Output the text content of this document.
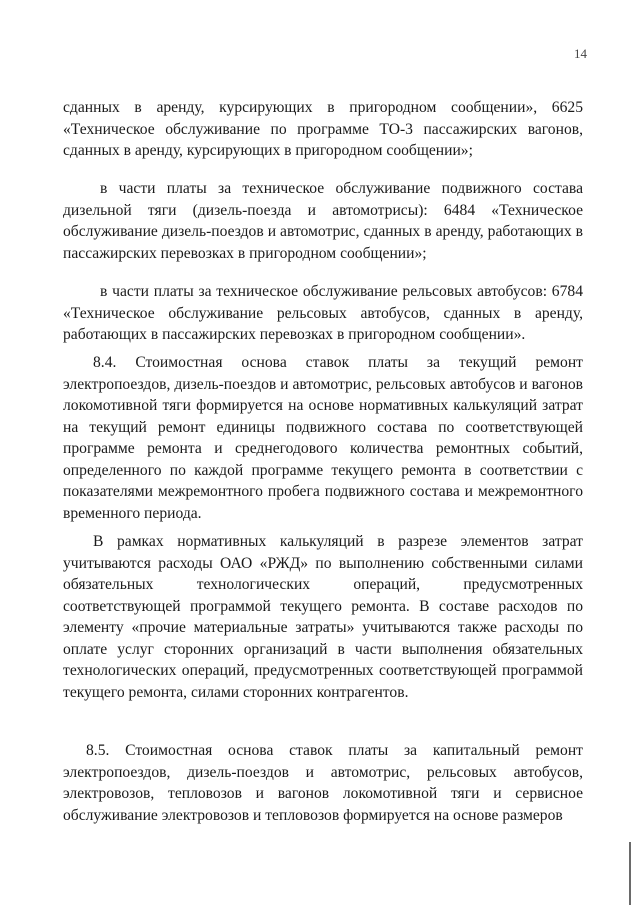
14

сданных в аренду, курсирующих в пригородном сообщении», 6625 «Техническое обслуживание по программе ТО-3 пассажирских вагонов, сданных в аренду, курсирующих в пригородном сообщении»;

в части платы за техническое обслуживание подвижного состава дизельной тяги (дизель-поезда и автомотрисы): 6484 «Техническое обслуживание дизель-поездов и автомотрис, сданных в аренду, работающих в пассажирских перевозках в пригородном сообщении»;

в части платы за техническое обслуживание рельсовых автобусов: 6784 «Техническое обслуживание рельсовых автобусов, сданных в аренду, работающих в пассажирских перевозках в пригородном сообщении».

8.4. Стоимостная основа ставок платы за текущий ремонт электропоездов, дизель-поездов и автомотрис, рельсовых автобусов и вагонов локомотивной тяги формируется на основе нормативных калькуляций затрат на текущий ремонт единицы подвижного состава по соответствующей программе ремонта и среднегодового количества ремонтных событий, определенного по каждой программе текущего ремонта в соответствии с показателями межремонтного пробега подвижного состава и межремонтного временного периода.

В рамках нормативных калькуляций в разрезе элементов затрат учитываются расходы ОАО «РЖД» по выполнению собственными силами обязательных технологических операций, предусмотренных соответствующей программой текущего ремонта. В составе расходов по элементу «прочие материальные затраты» учитываются также расходы по оплате услуг сторонних организаций в части выполнения обязательных технологических операций, предусмотренных соответствующей программой текущего ремонта, силами сторонних контрагентов.

8.5. Стоимостная основа ставок платы за капитальный ремонт электропоездов, дизель-поездов и автомотрис, рельсовых автобусов, электровозов, тепловозов и вагонов локомотивной тяги и сервисное обслуживание электровозов и тепловозов формируется на основе размеров
